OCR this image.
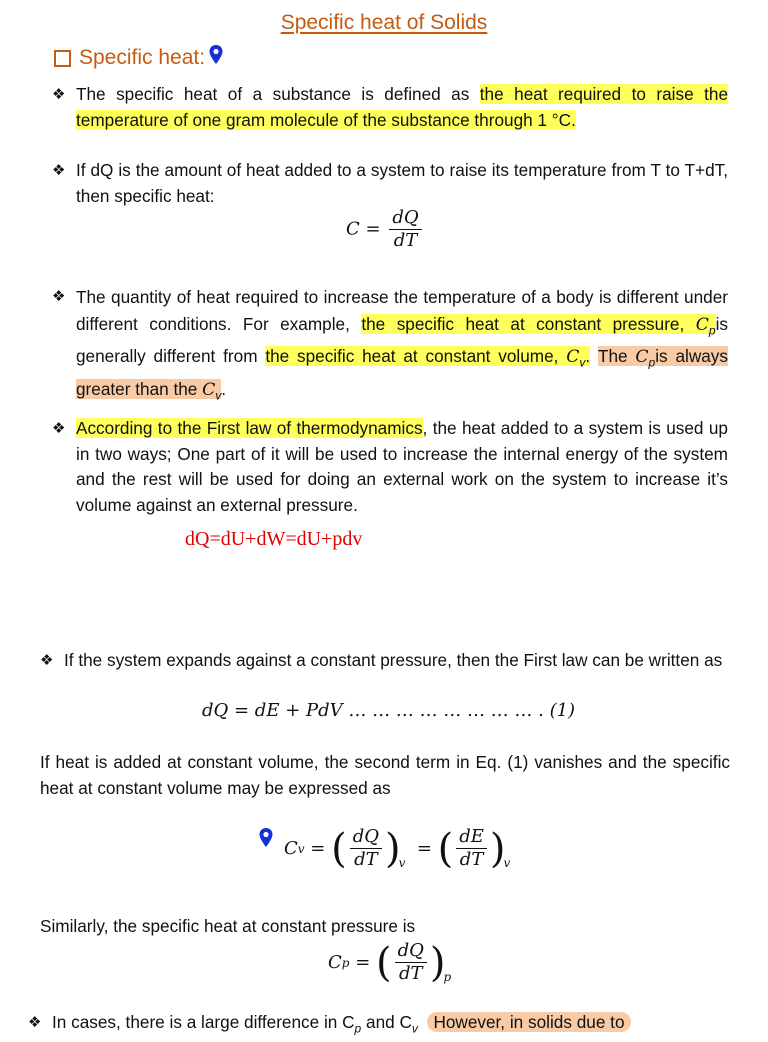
Specific heat of Solids
Specific heat:
❖ The specific heat of a substance is defined as the heat required to raise the temperature of one gram molecule of the substance through 1 °C.
❖ If dQ is the amount of heat added to a system to raise its temperature from T to T+dT, then specific heat:
$C = \frac{dQ}{dT}$
❖ The quantity of heat required to increase the temperature of a body is different under different conditions. For example, the specific heat at constant pressure, $C_pis$ generally different from the specific heat at constant volume, $C_v$. The $C_pis$ always greater than the $C_v$.
❖ According to the First law of thermodynamics, the heat added to a system is used up in two ways; One part of it will be used to increase the internal energy of the system and the rest will be used for doing an external work on the system to increase it’s volume against an external pressure.
dQ=dU+dW=dU+pdv
❖ If the system expands against a constant pressure, then the First law can be written as
dQ = dE + PdV … … … … … … … … . (1)
If heat is added at constant volume, the second term in Eq. (1) vanishes and the specific heat at constant volume may be expressed as
C v = ( $\frac{dQ}{dT}$ )
v
= ( $\frac{dE}{dT}$ )
v
Similarly, the specific heat at constant pressure is
C p = ( $\frac{dQ}{dT}$ )
p
❖ In cases, there is a large difference in $C_p$ and $C_v$ However, in solids due to
